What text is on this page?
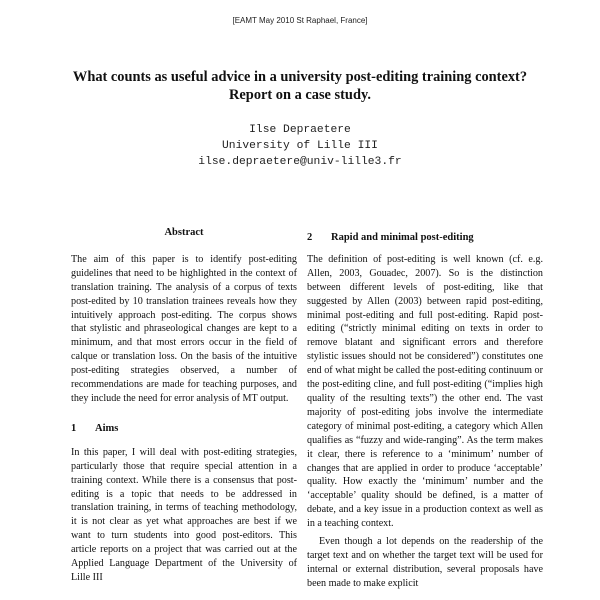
[EAMT May 2010 St Raphael, France]
What counts as useful advice in a university post-editing training context? Report on a case study.
Ilse Depraetere
University of Lille III
ilse.depraetere@univ-lille3.fr
Abstract

The aim of this paper is to identify post-editing guidelines that need to be highlighted in the context of translation training. The analysis of a corpus of texts post-edited by 10 translation trainees reveals how they intuitively approach post-editing. The corpus shows that stylistic and phraseological changes are kept to a minimum, and that most errors occur in the field of calque or translation loss. On the basis of the intuitive post-editing strategies observed, a number of recommendations are made for teaching purposes, and they include the need for error analysis of MT output.

1	Aims

In this paper, I will deal with post-editing strategies, particularly those that require special attention in a training context. While there is a consensus that post-editing is a topic that needs to be addressed in translation training, in terms of teaching methodology, it is not clear as yet what approaches are best if we want to turn students into good post-editors. This article reports on a project that was carried out at the Applied Language Department of the University of Lille III

2	Rapid and minimal post-editing

The definition of post-editing is well known (cf. e.g. Allen, 2003, Gouadec, 2007). So is the distinction between different levels of post-editing, like that suggested by Allen (2003) between rapid post-editing, minimal post-editing and full post-editing. Rapid post-editing (“strictly minimal editing on texts in order to remove blatant and significant errors and therefore stylistic issues should not be considered”) constitutes one end of what might be called the post-editing continuum or the post-editing cline, and full post-editing (“implies high quality of the resulting texts”) the other end. The vast majority of post-editing jobs involve the intermediate category of minimal post-editing, a category which Allen qualifies as “fuzzy and wide-ranging”. As the term makes it clear, there is reference to a ‘minimum’ number of changes that are applied in order to produce ‘acceptable’ quality. How exactly the ‘minimum’ number and the ‘acceptable’ quality should be defined, is a matter of debate, and a key issue in a production context as well as in a teaching context.

Even though a lot depends on the readership of the target text and on whether the target text will be used for internal or external distribution, several proposals have been made to make explicit
